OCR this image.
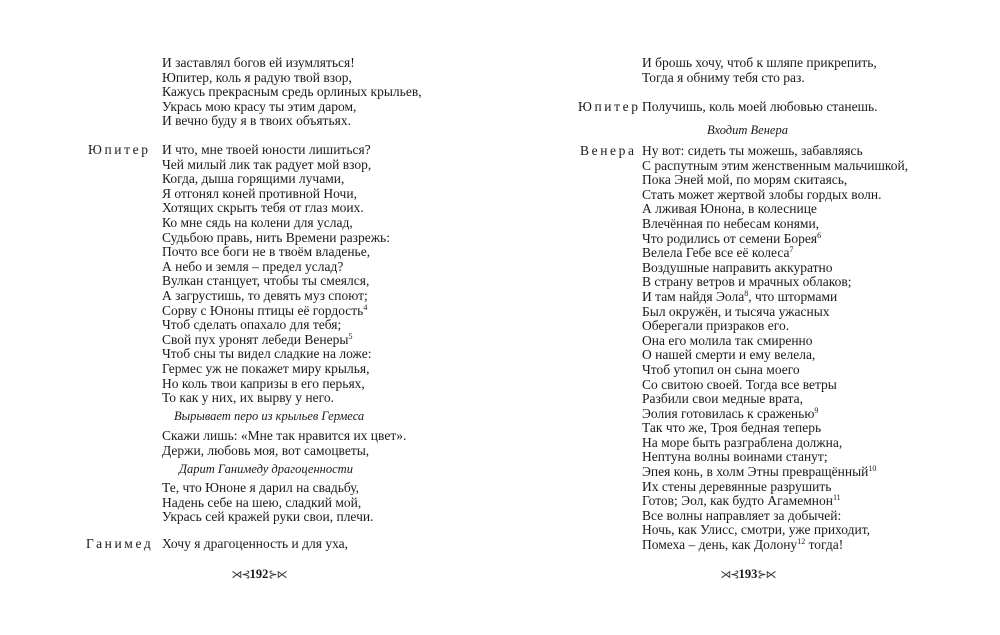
И заставлял богов ей изумляться!
Юпитер, коль я радую твой взор,
Кажусь прекрасным средь орлиных крыльев,
Укрась мою красу ты этим даром,
И вечно буду я в твоих объятьях.
Юпитер И что, мне твоей юности лишиться?
Чей милый лик так радует мой взор,
Когда, дыша горящими лучами,
Я отгонял коней противной Ночи,
Хотящих скрыть тебя от глаз моих.
Ко мне сядь на колени для услад,
Судьбою правь, нить Времени разрежь:
Почто все боги не в твоём владенье,
А небо и земля – предел услад?
Вулкан станцует, чтобы ты смеялся,
А загрустишь, то девять муз споют;
Сорву с Юноны птицы её гордость$^4$
Чтоб сделать опахало для тебя;
Свой пух уронят лебеди Венеры$^5$
Чтоб сны ты видел сладкие на ложе:
Гермес уж не покажет миру крылья,
Но коль твои капризы в его перьях,
То как у них, их вырву у него.
Вырывает перо из крыльев Гермеса
Скажи лишь: «Мне так нравится их цвет».
Держи, любовь моя, вот самоцветы,
Дарит Ганимеду драгоценности
Те, что Юноне я дарил на свадьбу,
Надень себе на шею, сладкий мой,
Укрась сей кражей руки свои, плечи.
Ганимед Хочу я драгоценность и для уха,
⋊⊰192⊱⋉
И брошь хочу, чтоб к шляпе прикрепить,
Тогда я обниму тебя сто раз.
Юпитер Получишь, коль моей любовью станешь.
Входит Венера
Венера Ну вот: сидеть ты можешь, забавляясь
С распутным этим женственным мальчишкой,
Пока Эней мой, по морям скитаясь,
Стать может жертвой злобы гордых волн.
А лживая Юнона, в колеснице
Влечённая по небесам конями,
Что родились от семени Борея$^6$
Велела Гебе все её колеса$^7$
Воздушные направить аккуратно
В страну ветров и мрачных облаков;
И там найдя Эола$^8$, что штормами
Был окружён, и тысяча ужасных
Оберегали призраков его.
Она его молила так смиренно
О нашей смерти и ему велела,
Чтоб утопил он сына моего
Со свитою своей. Тогда все ветры
Разбили свои медные врата,
Эолия готовилась к сраженью$^9$
Так что же, Троя бедная теперь
На море быть разграблена должна,
Нептуна волны воинами станут;
Эпея конь, в холм Этны превращённый$^{10}$
Их стены деревянные разрушить
Готов; Эол, как будто Агамемнон$^{11}$
Все волны направляет за добычей:
Ночь, как Улисс, смотри, уже приходит,
Помеха – день, как Долону$^{12}$ тогда!
⋊⊰193⊱⋉
